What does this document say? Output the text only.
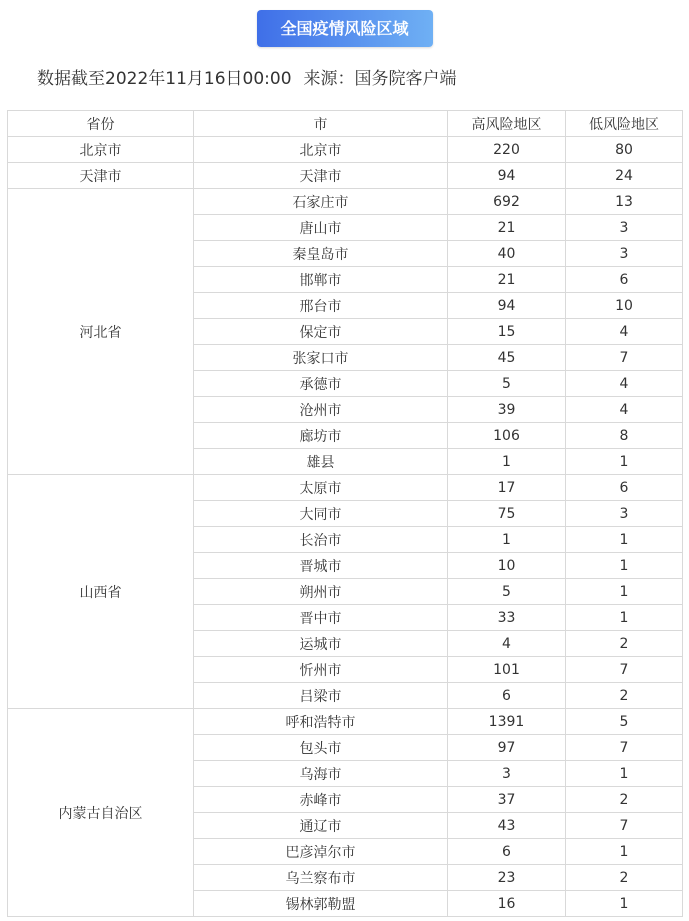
全国疫情风险区域
数据截至2022年11月16日00:00 来源：国务院客户端
省份	市	高风险地区	低风险地区
北京市	北京市	220	80
天津市	天津市	94	24
河北省	石家庄市	692	13
	唐山市	21	3
	秦皇岛市	40	3
	邯郸市	21	6
	邢台市	94	10
	保定市	15	4
	张家口市	45	7
	承德市	5	4
	沧州市	39	4
	廊坊市	106	8
	雄县	1	1
山西省	太原市	17	6
	大同市	75	3
	长治市	1	1
	晋城市	10	1
	朔州市	5	1
	晋中市	33	1
	运城市	4	2
	忻州市	101	7
	吕梁市	6	2
内蒙古自治区	呼和浩特市	1391	5
	包头市	97	7
	乌海市	3	1
	赤峰市	37	2
	通辽市	43	7
	巴彦淖尔市	6	1
	乌兰察布市	23	2
	锡林郭勒盟	16	1
